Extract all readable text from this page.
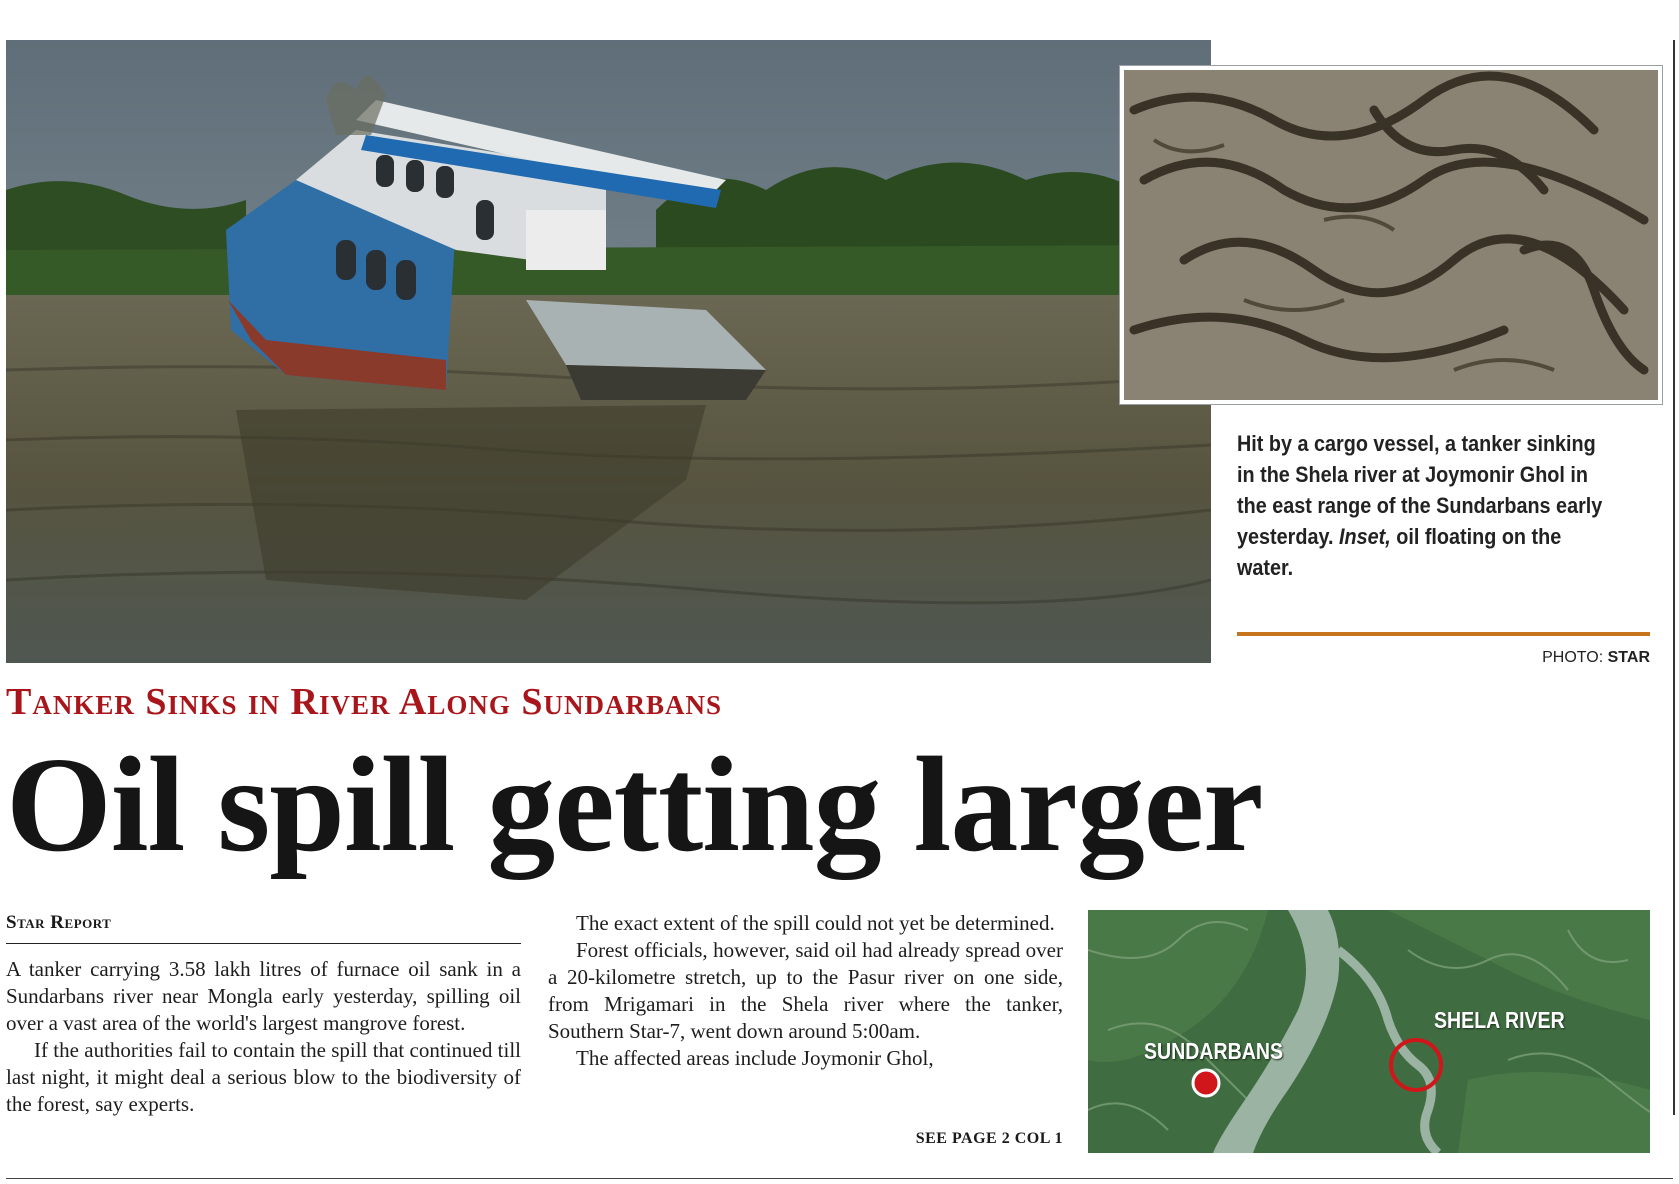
Hit by a cargo vessel, a tanker sinking in the Shela river at Joymonir Ghol in the east range of the Sundarbans early yesterday. Inset, oil floating on the water.
PHOTO: STAR
Tanker Sinks in River Along Sundarbans
Oil spill getting larger
Star Report

A tanker carrying 3.58 lakh litres of furnace oil sank in a Sundarbans river near Mongla early yesterday, spilling oil over a vast area of the world's largest mangrove forest.

If the authorities fail to contain the spill that continued till last night, it might deal a serious blow to the biodiversity of the forest, say experts.

The exact extent of the spill could not yet be determined.

Forest officials, however, said oil had already spread over a 20-kilometre stretch, up to the Pasur river on one side, from Mrigamari in the Shela river where the tanker, Southern Star-7, went down around 5:00am.

The affected areas include Joymonir Ghol,

SEE PAGE 2 COL 1
SUNDARBANS
SHELA RIVER
